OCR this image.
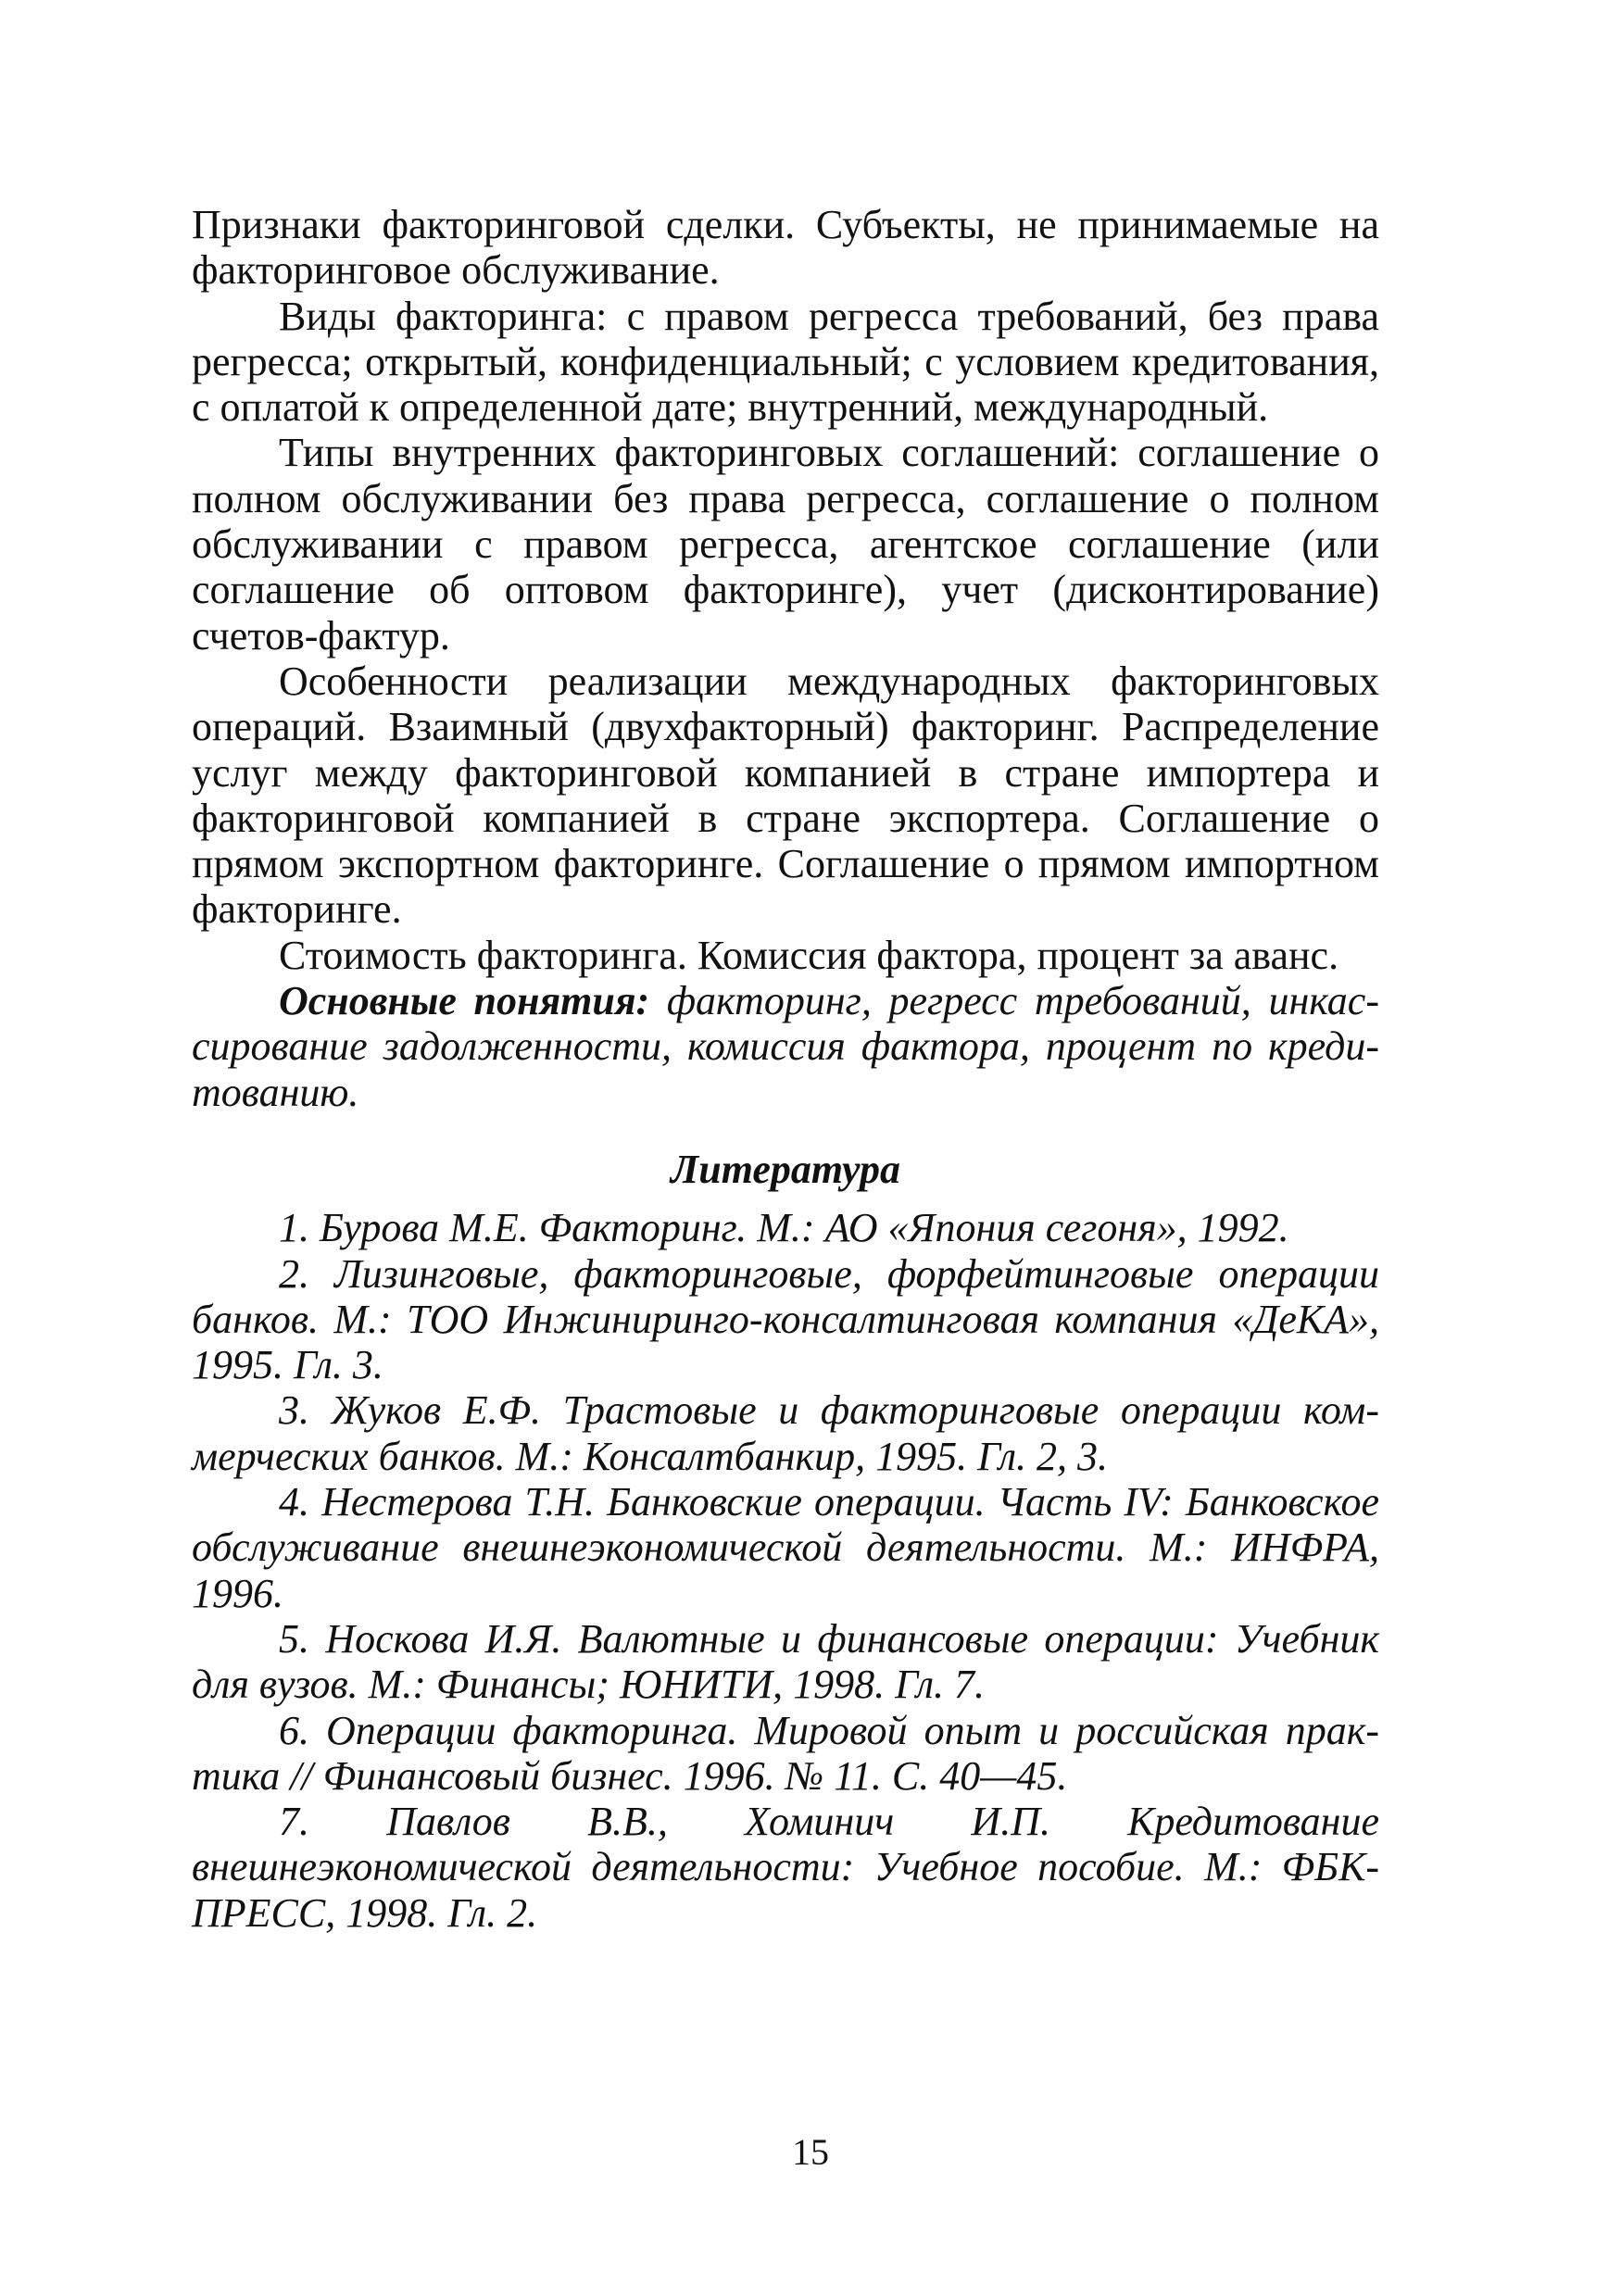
Признаки факторинговой сделки. Субъекты, не принимаемые на факторинговое обслуживание.

Виды факторинга: с правом регресса требований, без права регресса; открытый, конфиденциальный; с условием кредитования, с оплатой к определенной дате; внутренний, международный.

Типы внутренних факторинговых соглашений: соглашение о полном обслуживании без права регресса, соглашение о полном обслуживании с правом регресса, агентское соглашение (или соглашение об оптовом факторинге), учет (дисконтирование) счетов-фактур.

Особенности реализации международных факторинговых операций. Взаимный (двухфакторный) факторинг. Распределение услуг между факторинговой компанией в стране импортера и факторинговой компанией в стране экспортера. Соглашение о прямом экспортном факторинге. Соглашение о прямом импортном факторинге.

Стоимость факторинга. Комиссия фактора, процент за аванс.

Основные понятия: факторинг, регресс требований, инкассирование задолженности, комиссия фактора, процент по кредитованию.

Литература

1. Бурова М.Е. Факторинг. М.: АО «Япония сегоня», 1992.
2. Лизинговые, факторинговые, форфейтинговые операции банков. М.: ТОО Инжиниринго-консалтинговая компания «ДеКА», 1995. Гл. 3.
3. Жуков Е.Ф. Трастовые и факторинговые операции коммерческих банков. М.: Консалтбанкир, 1995. Гл. 2, 3.
4. Нестерова Т.Н. Банковские операции. Часть IV: Банковское обслуживание внешнеэкономической деятельности. М.: ИНФРА, 1996.
5. Носкова И.Я. Валютные и финансовые операции: Учебник для вузов. М.: Финансы; ЮНИТИ, 1998. Гл. 7.
6. Операции факторинга. Мировой опыт и российская практика // Финансовый бизнес. 1996. № 11. С. 40—45.
7. Павлов В.В., Хоминич И.П. Кредитование внешнеэкономической деятельности: Учебное пособие. М.: ФБК-ПРЕСС, 1998. Гл. 2.
15
